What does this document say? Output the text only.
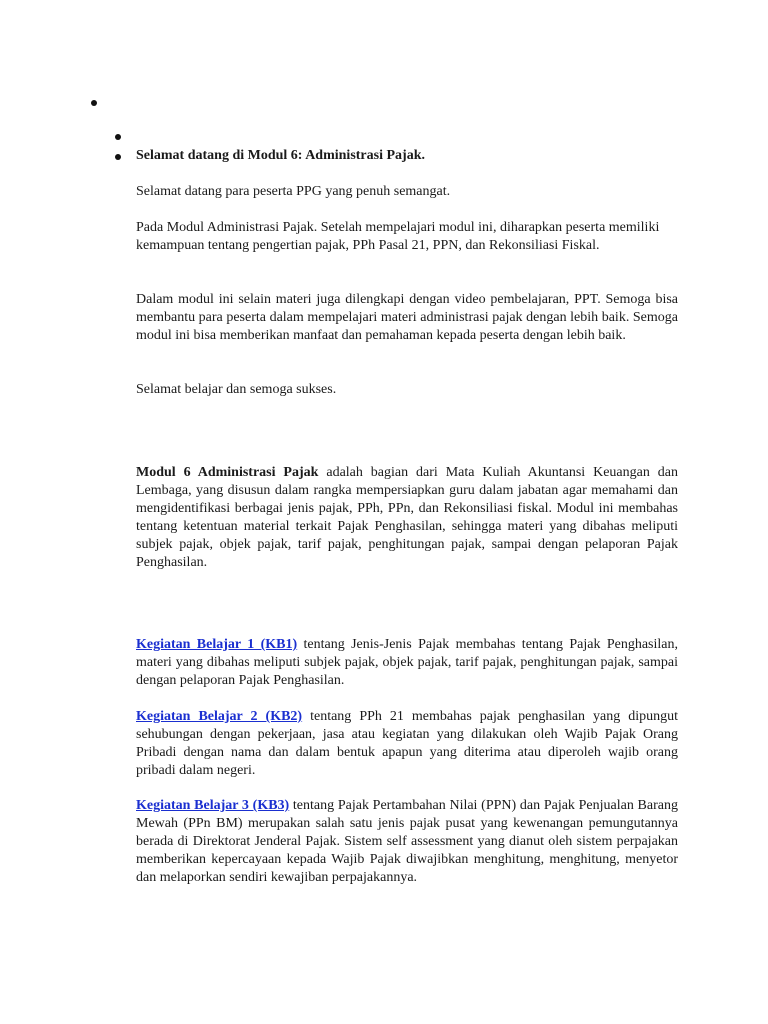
Selamat datang di Modul 6: Administrasi Pajak.

Selamat datang para peserta PPG yang penuh semangat.

Pada Modul Administrasi Pajak. Setelah mempelajari modul ini, diharapkan peserta memiliki kemampuan tentang pengertian pajak, PPh Pasal 21, PPN, dan Rekonsiliasi Fiskal.

Dalam modul ini selain materi juga dilengkapi dengan video pembelajaran, PPT. Semoga bisa membantu para peserta dalam mempelajari materi administrasi pajak dengan lebih baik. Semoga modul ini bisa memberikan manfaat dan pemahaman kepada peserta dengan lebih baik.

Selamat belajar dan semoga sukses.

Modul 6 Administrasi Pajak adalah bagian dari Mata Kuliah Akuntansi Keuangan dan Lembaga, yang disusun dalam rangka mempersiapkan guru dalam jabatan agar memahami dan mengidentifikasi berbagai jenis pajak, PPh, PPn, dan Rekonsiliasi fiskal. Modul ini membahas tentang ketentuan material terkait Pajak Penghasilan, sehingga materi yang dibahas meliputi subjek pajak, objek pajak, tarif pajak, penghitungan pajak, sampai dengan pelaporan Pajak Penghasilan.

Kegiatan Belajar 1 (KB1) tentang Jenis-Jenis Pajak membahas tentang Pajak Penghasilan, materi yang dibahas meliputi subjek pajak, objek pajak, tarif pajak, penghitungan pajak, sampai dengan pelaporan Pajak Penghasilan.

Kegiatan Belajar 2 (KB2) tentang PPh 21 membahas pajak penghasilan yang dipungut sehubungan dengan pekerjaan, jasa atau kegiatan yang dilakukan oleh Wajib Pajak Orang Pribadi dengan nama dan dalam bentuk apapun yang diterima atau diperoleh wajib orang pribadi dalam negeri.

Kegiatan Belajar 3 (KB3) tentang Pajak Pertambahan Nilai (PPN) dan Pajak Penjualan Barang Mewah (PPn BM) merupakan salah satu jenis pajak pusat yang kewenangan pemungutannya berada di Direktorat Jenderal Pajak. Sistem self assessment yang dianut oleh sistem perpajakan memberikan kepercayaan kepada Wajib Pajak diwajibkan menghitung, menghitung, menyetor dan melaporkan sendiri kewajiban perpajakannya.
